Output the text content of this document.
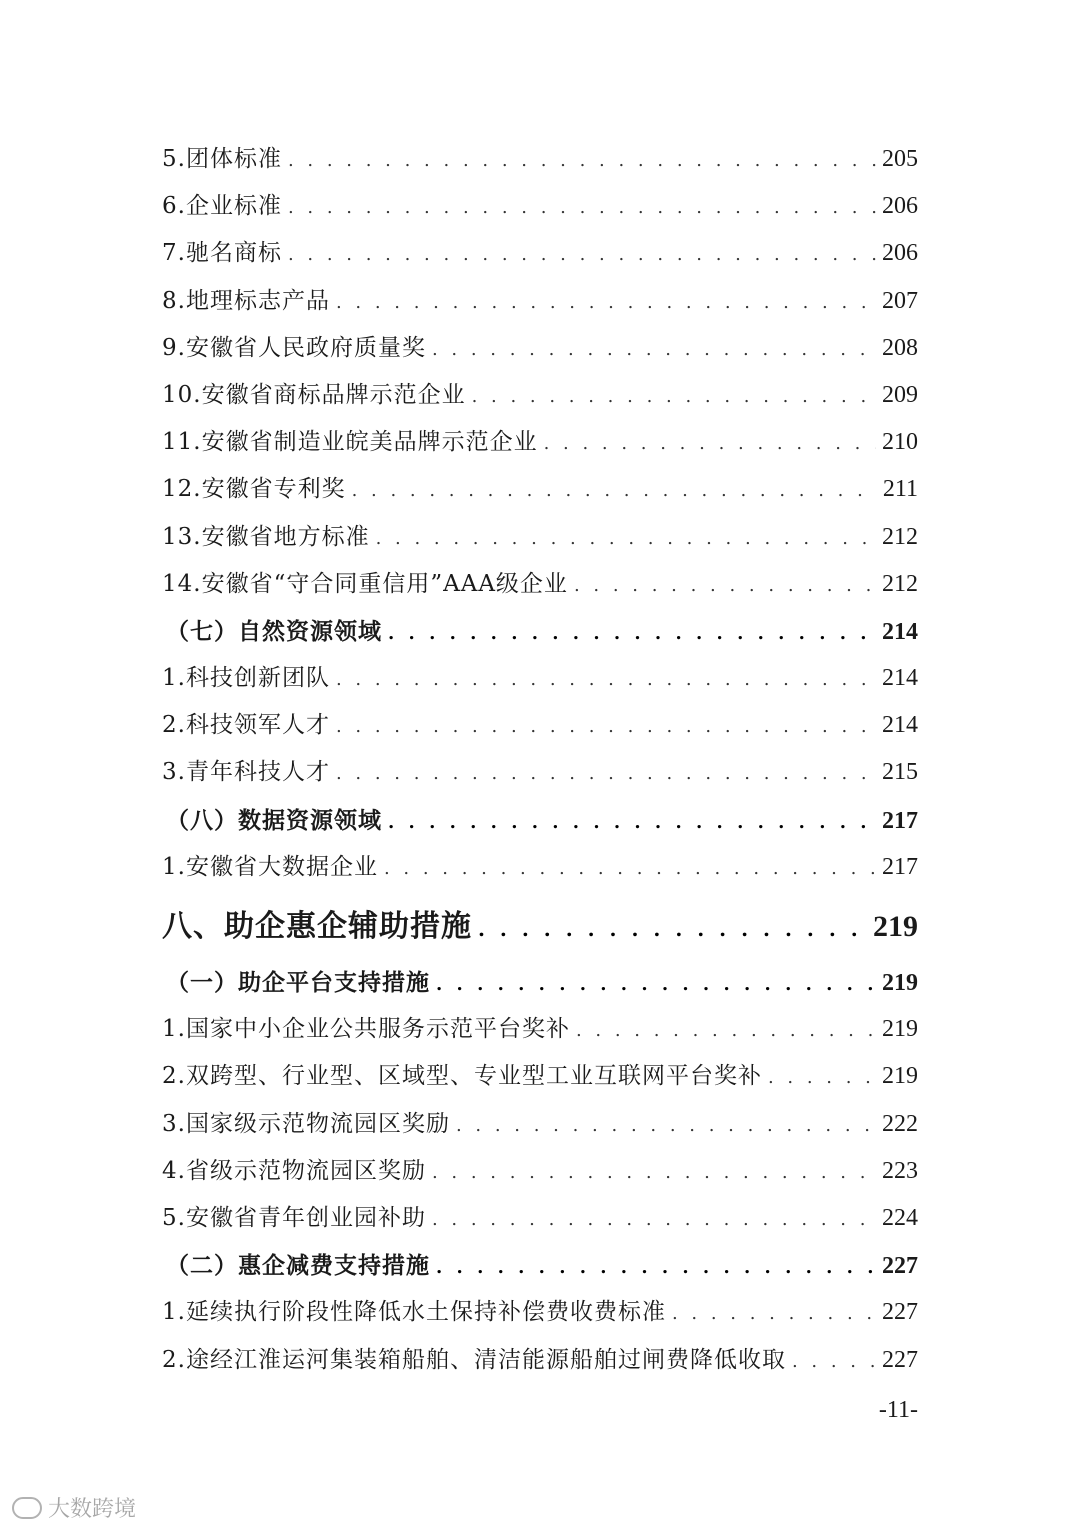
5.团体标准 . . .	205
6.企业标准 . . .	206
7.驰名商标 . . .	206
8.地理标志产品 . . .	207
9.安徽省人民政府质量奖 . . .	208
10.安徽省商标品牌示范企业 . . .	209
11.安徽省制造业皖美品牌示范企业 . . .	210
12.安徽省专利奖 . . .	211
13.安徽省地方标准 . . .	212
14.安徽省“守合同重信用”AAA级企业 . . .	212
（七）自然资源领域 . . .	214
1.科技创新团队 . . .	214
2.科技领军人才 . . .	214
3.青年科技人才 . . .	215
（八）数据资源领域 . . .	217
1.安徽省大数据企业 . . .	217
八、助企惠企辅助措施 . . .	219
（一）助企平台支持措施 . . .	219
1.国家中小企业公共服务示范平台奖补 . . .	219
2.双跨型、行业型、区域型、专业型工业互联网平台奖补 . . .	219
3.国家级示范物流园区奖励 . . .	222
4.省级示范物流园区奖励 . . .	223
5.安徽省青年创业园补助 . . .	224
（二）惠企减费支持措施 . . .	227
1.延续执行阶段性降低水土保持补偿费收费标准 . . .	227
2.途经江淮运河集装箱船舶、清洁能源船舶过闸费降低收取 . . .	227
-11-
大数跨境
